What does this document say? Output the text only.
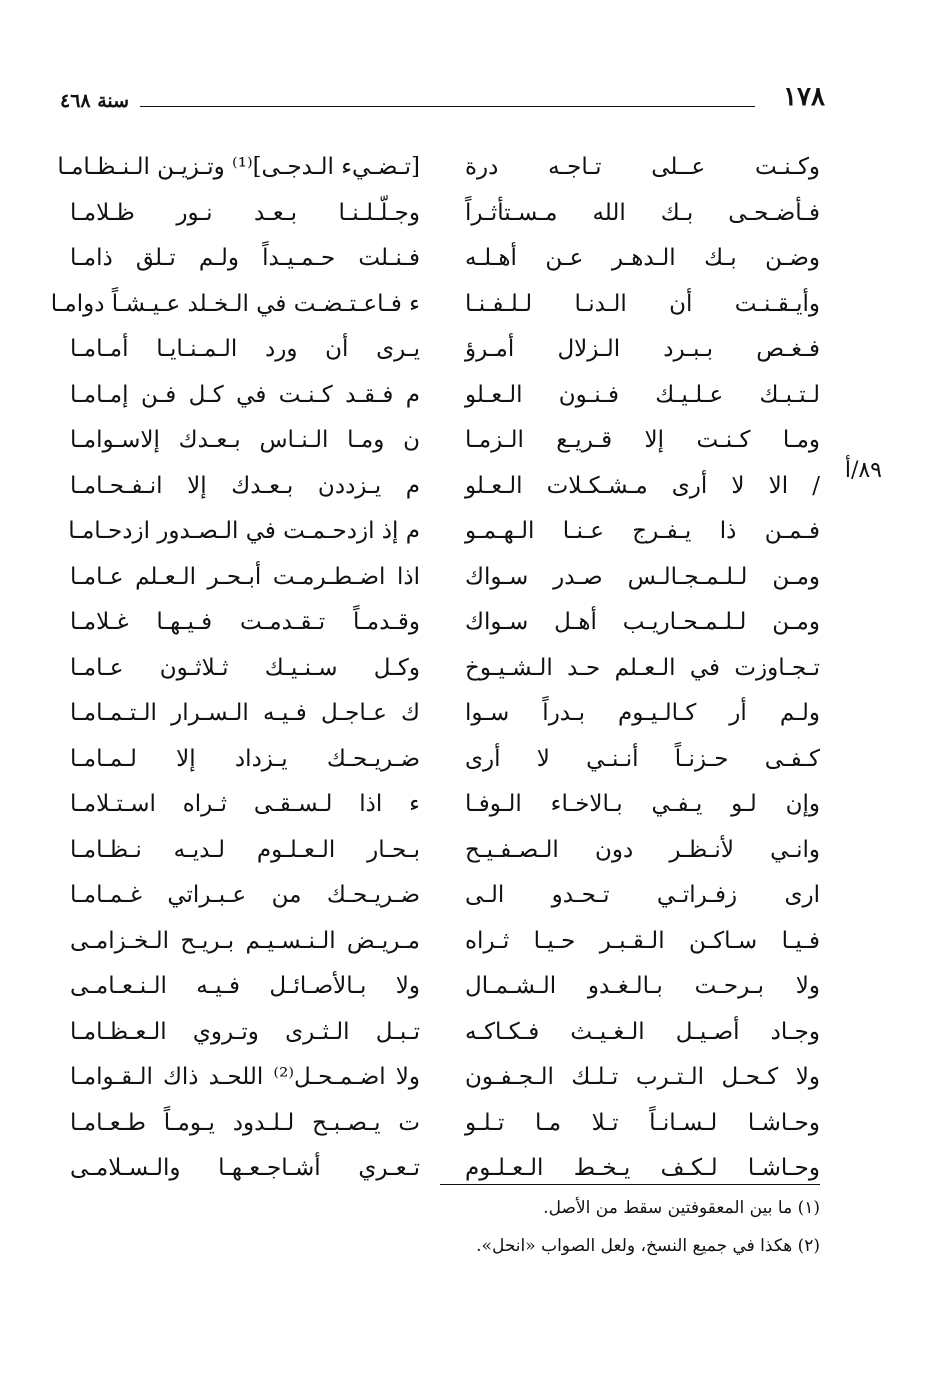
١٧٨
سنة ٤٦٨
٨٩/أ
وكـنـت عــلى تـاجـه درة
فـأضـحـى بـك الله مـسـتأثـراً
وضـن بـك الـدهـر عـن أهـلـه
وأيـقـنـت أن الـدنـا لـلـفـنـا
فـغـص بـبـرد الـزلال أمـرؤ
لـتـبـك عـلـيـك فـنـون الـعـلو
ومـا كـنـت إلا قـريـع الـزمـا
/ الا لا أرى مـشـكـلات الـعـلو
فـمـن ذا يـفـرج عـنـا الـهـمـو
ومـن لـلـمـجـالـس صـدر سـواك
ومـن لـلـمـحـاريـب أهـل سـواك
تـجـاوزت في الـعـلم حـد الـشـيـوخ
ولـم أر كـالـيـوم بـدراً سـوا
كـفـى حـزنـاً أنـنـي لا أرى
وإن لـو يـفـي بـالاخـاء الـوفـا
وانـي لأنـظـر دون الـصـفـيـح
ارى زفـراتـي تـحـدو الـى
فـيـا سـاكـن الـقـبـر حـيـا ثـراه
ولا بـرحـت بـالـغـدو الـشـمـال
وجـاد أصـيـل الـغـيـث فـكـاكـه
ولا كـحـل الـتـرب تـلـك الـجـفـون
وحـاشـا لـسـانـاً تـلا مـا تـلـو
وحـاشـا لـكـف يـخـط الـعـلـوم
[تـضـيء الـدجـى]⁽¹⁾ وتـزيـن الـنـظـامـا
وجـلّـلـنـا بـعـد نـور ظـلامـا
فـنـلت حـمـيـداً ولـم تـلق ذامـا
ء فـاعـتـضـت في الـخـلد عـيـشـاً دوامـا
يـرى أن ورد الـمـنـايـا أمـامـا
م فـقـد كـنـت في كـل فـن إمـامـا
ن ومـا الـنـاس بـعـدك إلاسـوامـا
م يـزددن بـعـدك إلا انـفـحـامـا
م إذ ازدحـمـت في الـصـدور ازدحـامـا
اذا اضـطـرمـت أبـحـر الـعـلم عـامـا
وقـدمـاً تـقـدمـت فـيـهـا غـلامـا
وكـل سـنـيـك ثـلاثـون عـامـا
ك عـاجـل فـيـه الـسـرار الـتـمـامـا
ضـريـحـك يـزداد إلا لـمـامـا
ء اذا لـسـقـى ثـراه اسـتـلامـا
بـحـار الـعـلـوم لـديـه نـظـامـا
ضـريـحـك من عـبـراتي غـمـامـا
مـريـض الـنـسـيـم بـريـح الـخـزامـى
ولا بـالأصـائـل فـيـه الـنـعـامـى
تـبـل الـثـرى وتـروي الـعـظـامـا
ولا اضـمـحـل⁽²⁾ اللحـد ذاك الـقـوامـا
ت يـصـبـح لـلـدود يـومـاً طـعـامـا
تـعـري أشـاجـعـهـا والـسـلامـى
(١) ما بين المعقوفتين سقط من الأصل.
(٢) هكذا في جميع النسخ، ولعل الصواب «انحل».
